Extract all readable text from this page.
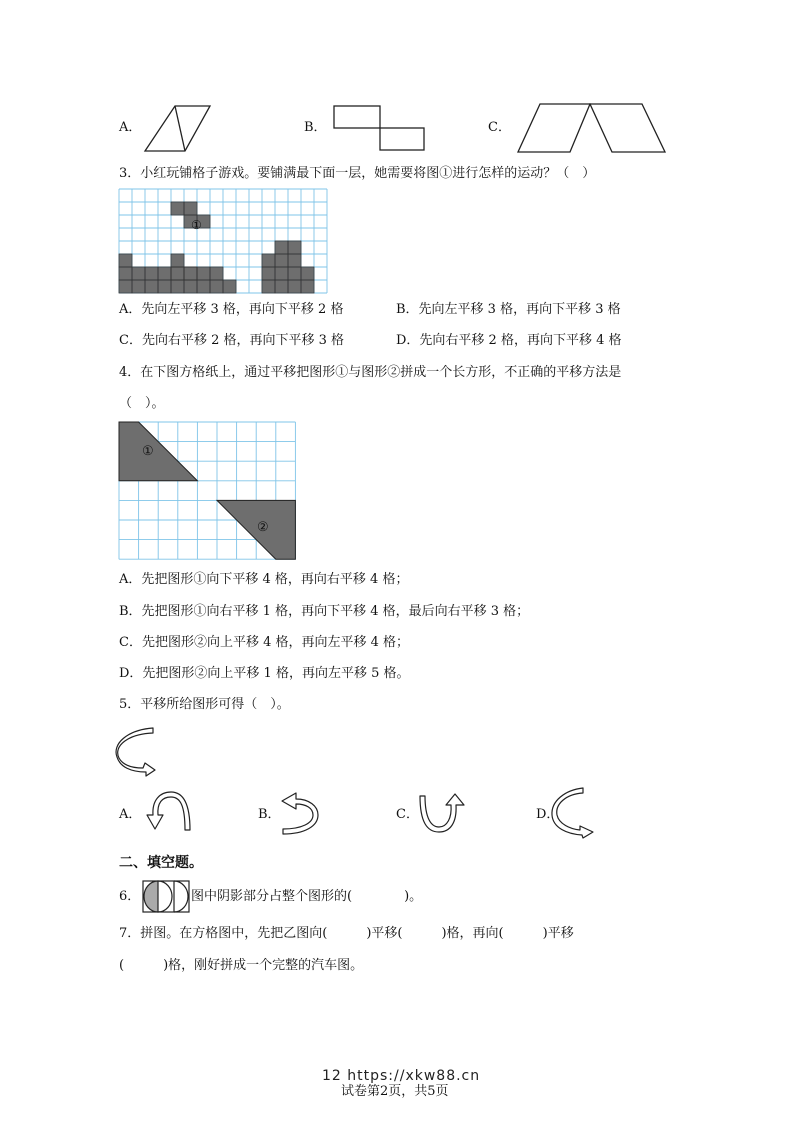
A．	B．	C．
3．小红玩铺格子游戏。要铺满最下面一层，她需要将图①进行怎样的运动？（　）
①
A．先向左平移 3 格，再向下平移 2 格	B．先向左平移 3 格，再向下平移 3 格
C．先向右平移 2 格，再向下平移 3 格	D．先向右平移 2 格，再向下平移 4 格
4．在下图方格纸上，通过平移把图形①与图形②拼成一个长方形，不正确的平移方法是
（　）。
①
②
A．先把图形①向下平移 4 格，再向右平移 4 格；
B．先把图形①向右平移 1 格，再向下平移 4 格，最后向右平移 3 格；
C．先把图形②向上平移 4 格，再向左平移 4 格；
D．先把图形②向上平移 1 格，再向左平移 5 格。
5．平移所给图形可得（　）。
A．	B．	C．	D．
二、填空题。
6．	图中阴影部分占整个图形的(　　　　)。
7．拼图。在方格图中，先把乙图向(　　　)平移(　　　)格，再向(　　　)平移
(　　　)格，刚好拼成一个完整的汽车图。
试卷第2页，共5页
12 https://xkw88.cn
